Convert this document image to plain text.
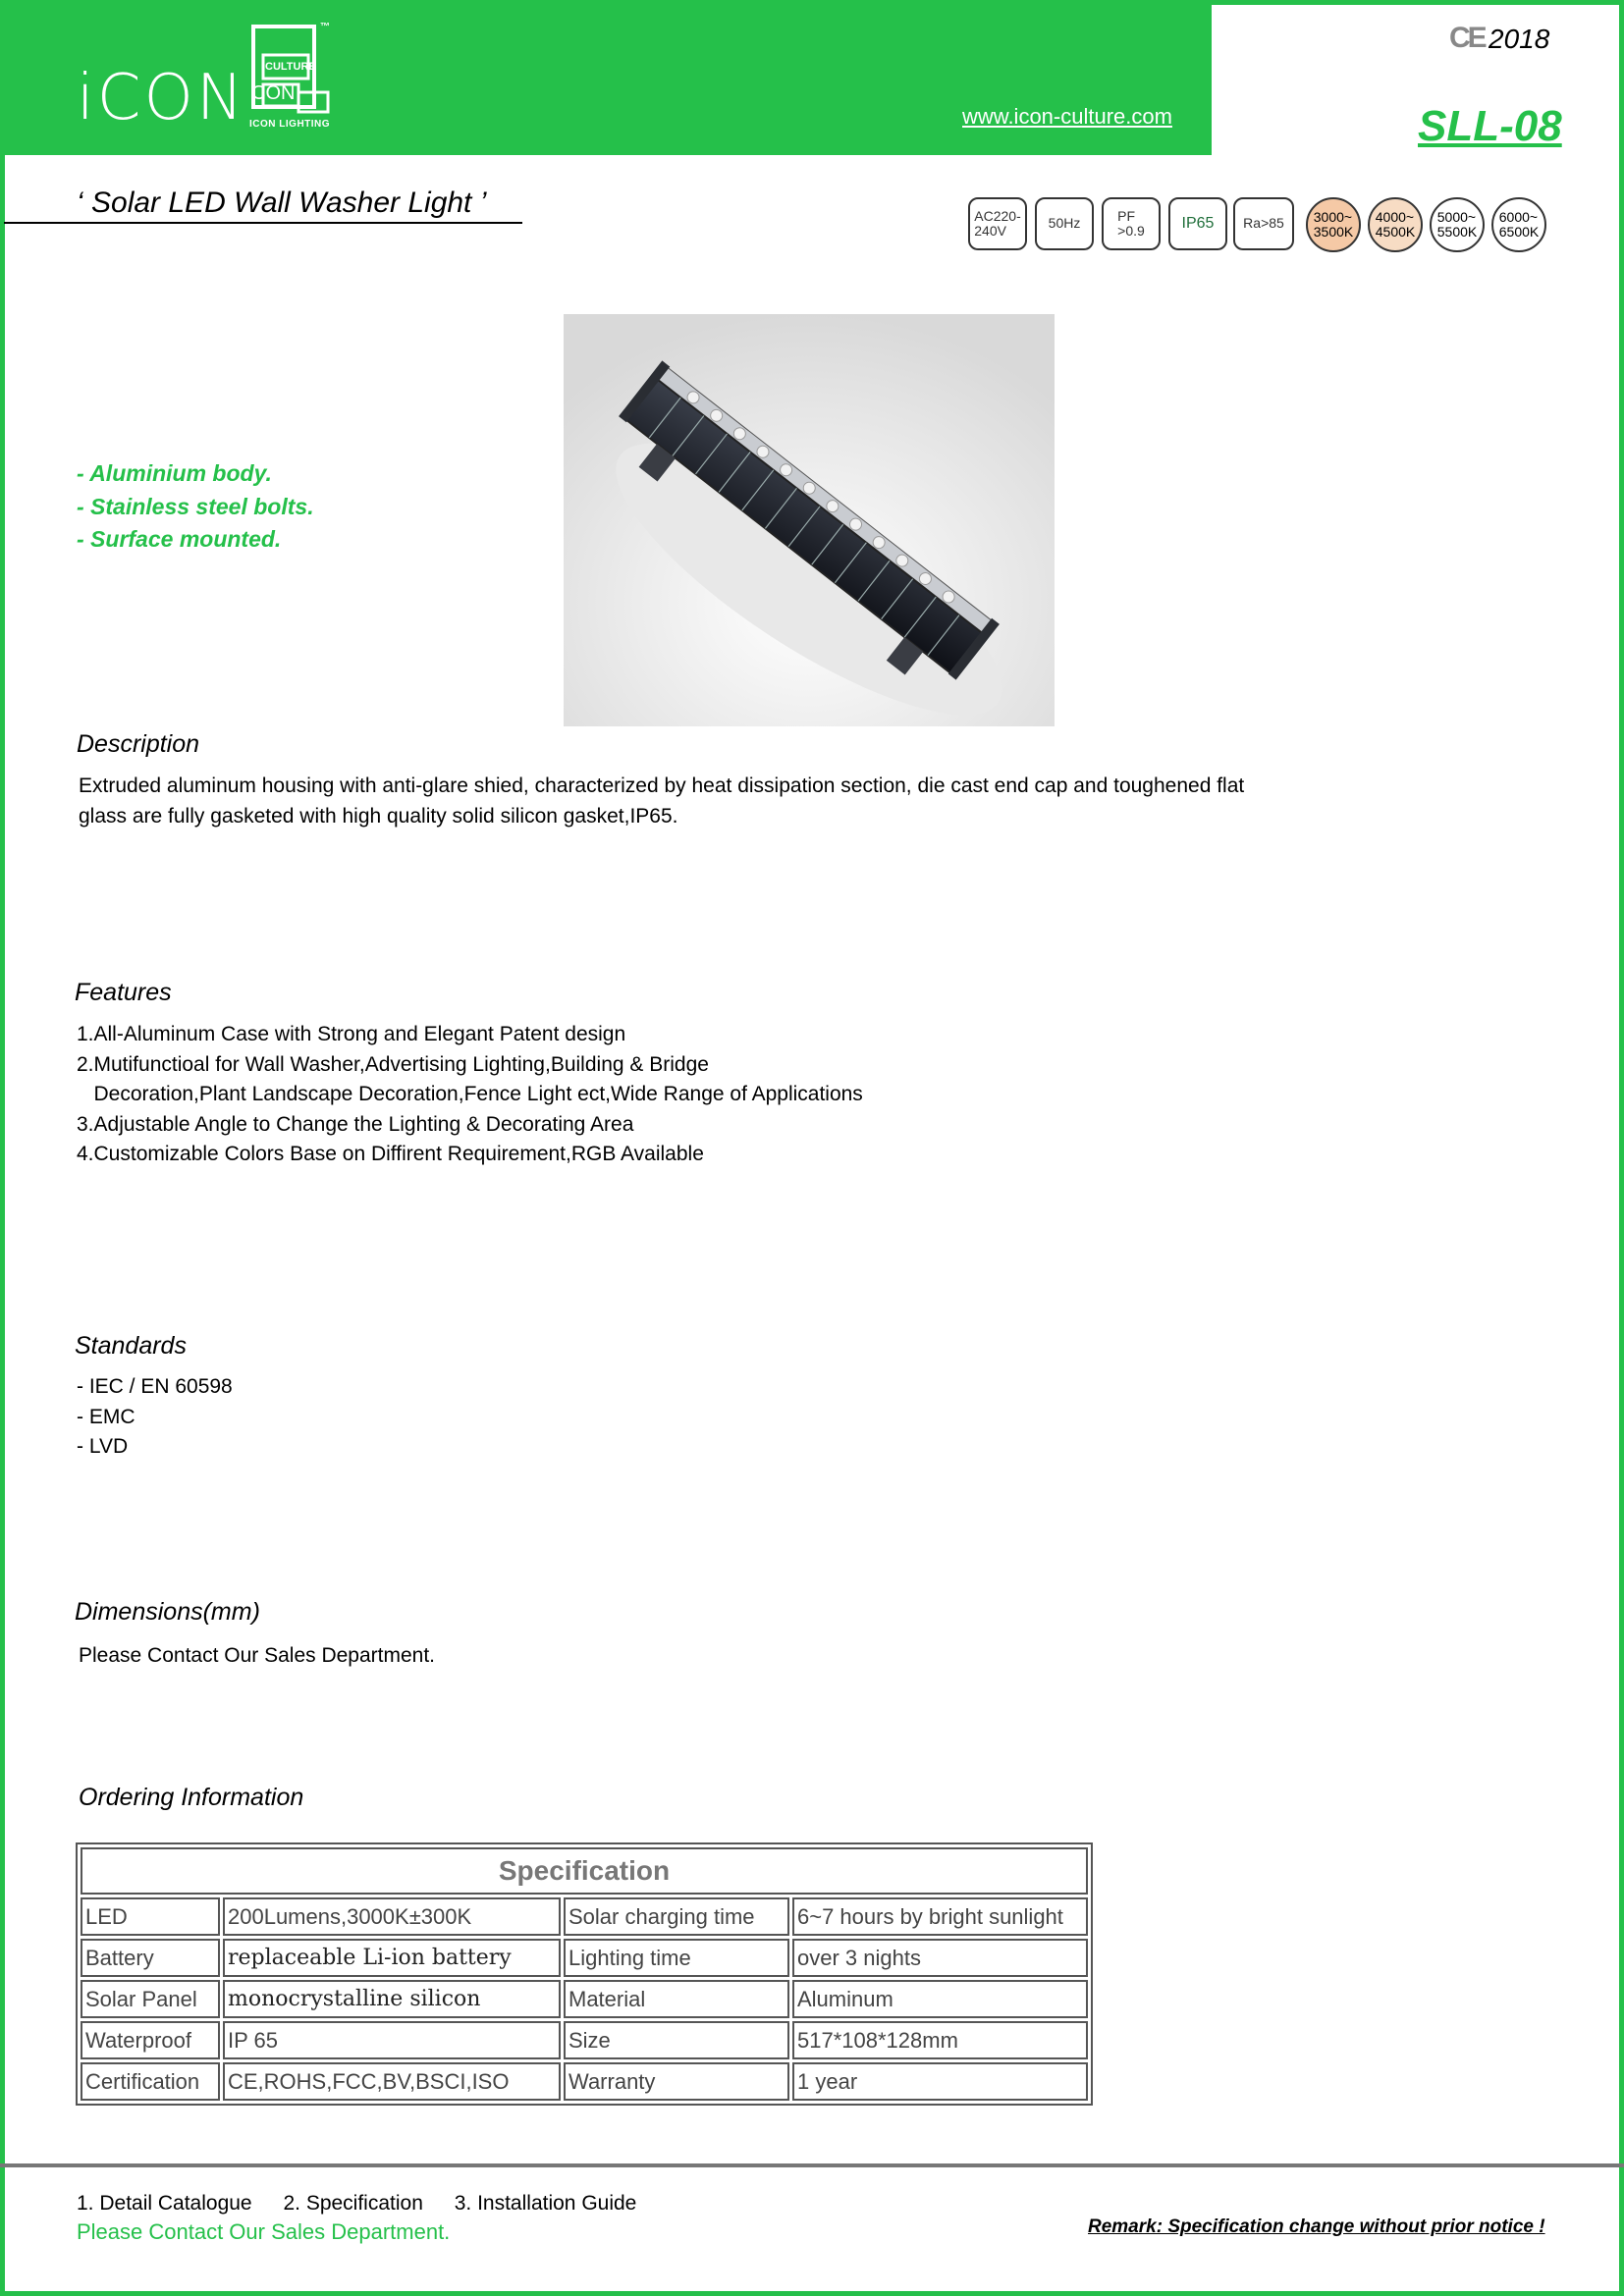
iCON CULTURE
CON
™
ICON LIGHTING	www.icon-culture.com
CE 2018
SLL-08
‘ Solar LED Wall Washer Light ’	AC220-
240V	50Hz	PF
>0.9 IP65 Ra>85 3000~
3500K
4000~
4500K
5000~
5500K
6000~
6500K
- Aluminium body.
- Stainless steel bolts.
- Surface mounted.
Description
Extruded aluminum housing with anti-glare shied, characterized by heat dissipation section, die cast end cap and toughened flat
glass are fully gasketed with high quality solid silicon gasket,IP65.
Features
1.All-Aluminum Case with Strong and Elegant Patent design
2.Mutifunctioal for Wall Washer,Advertising Lighting,Building & Bridge
Decoration,Plant Landscape Decoration,Fence Light ect,Wide Range of Applications
3.Adjustable Angle to Change the Lighting & Decorating Area
4.Customizable Colors Base on Diffirent Requirement,RGB Available
Standards
- IEC / EN 60598
- EMC
- LVD
Dimensions(mm)
Please Contact Our Sales Department.
Ordering Information
Specification			
LED	200Lumens,3000K±300K	Solar charging time	6~7 hours by bright sunlight
Battery	replaceable Li-ion battery	Lighting time	over 3 nights
Solar Panel	monocrystalline silicon	Material	Aluminum
Waterproof	IP 65	Size	517*108*128mm
Certification	CE,ROHS,FCC,BV,BSCI,ISO	Warranty	1 year
1. Detail Catalogue 2. Specification 3. Installation Guide
Please Contact Our Sales Department.	Remark: Specification change without prior notice !
